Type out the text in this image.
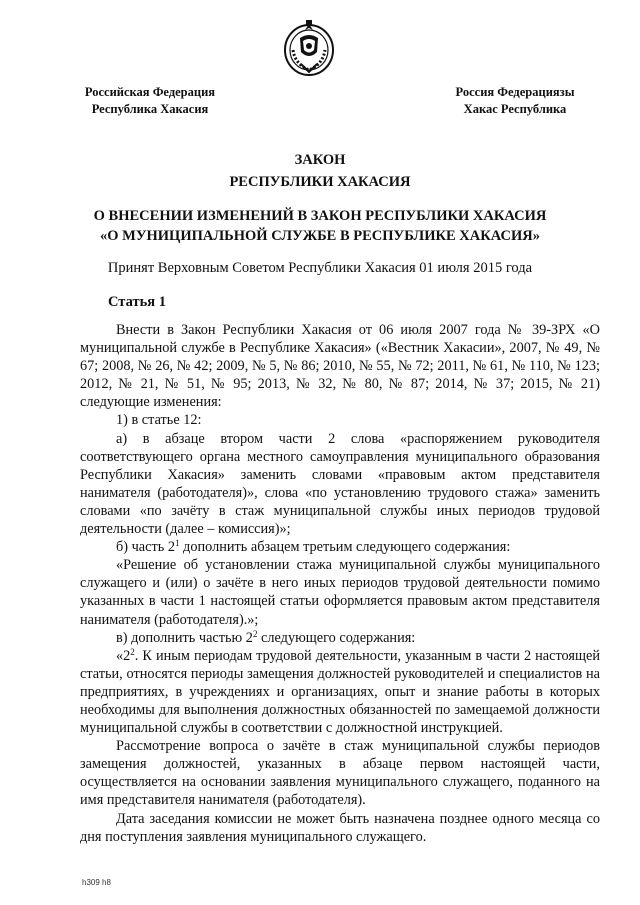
Российская Федерация
Республика Хакасия
Россия Федерациязы
Хакас Республика
ЗАКОН
РЕСПУБЛИКИ ХАКАСИЯ
О ВНЕСЕНИИ ИЗМЕНЕНИЙ В ЗАКОН РЕСПУБЛИКИ ХАКАСИЯ
«О МУНИЦИПАЛЬНОЙ СЛУЖБЕ В РЕСПУБЛИКЕ ХАКАСИЯ»
Принят Верховным Советом Республики Хакасия 01 июля 2015 года
Статья 1

Внести в Закон Республики Хакасия от 06 июля 2007 года № 39-ЗРХ «О муниципальной службе в Республике Хакасия» («Вестник Хакасии», 2007, № 49, № 67; 2008, № 26, № 42; 2009, № 5, № 86; 2010, № 55, № 72; 2011, № 61, № 110, № 123; 2012, № 21, № 51, № 95; 2013, № 32, № 80, № 87; 2014, № 37; 2015, № 21) следующие изменения:

1) в статье 12:

а) в абзаце втором части 2 слова «распоряжением руководителя соответствующего органа местного самоуправления муниципального образования Республики Хакасия» заменить словами «правовым актом представителя нанимателя (работодателя)», слова «по установлению трудового стажа» заменить словами «по зачёту в стаж муниципальной службы иных периодов трудовой деятельности (далее – комиссия)»;

б) часть $2^1$ дополнить абзацем третьим следующего содержания:

«Решение об установлении стажа муниципальной службы муниципального служащего и (или) о зачёте в него иных периодов трудовой деятельности помимо указанных в части 1 настоящей статьи оформляется правовым актом представителя нанимателя (работодателя).»;

в) дополнить частью $2^2$ следующего содержания:

«$2^2$. К иным периодам трудовой деятельности, указанным в части 2 настоящей статьи, относятся периоды замещения должностей руководителей и специалистов на предприятиях, в учреждениях и организациях, опыт и знание работы в которых необходимы для выполнения должностных обязанностей по замещаемой должности муниципальной службы в соответствии с должностной инструкцией.

Рассмотрение вопроса о зачёте в стаж муниципальной службы периодов замещения должностей, указанных в абзаце первом настоящей части, осуществляется на основании заявления муниципального служащего, поданного на имя представителя нанимателя (работодателя).

Дата заседания комиссии не может быть назначена позднее одного месяца со дня поступления заявления муниципального служащего.

h309 h8
